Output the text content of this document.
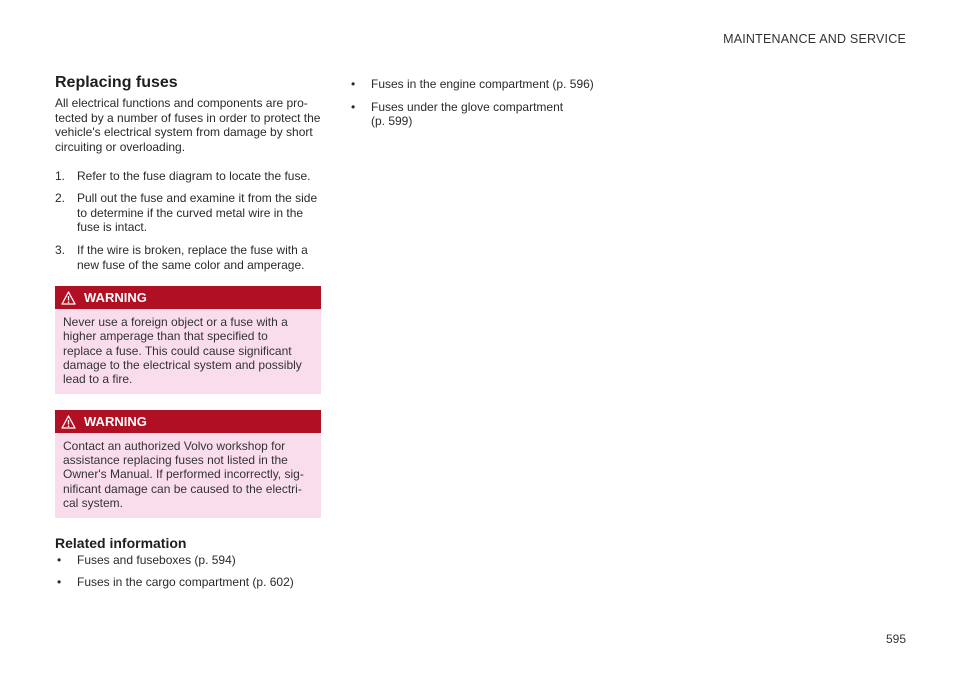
MAINTENANCE AND SERVICE
Replacing fuses

All electrical functions and components are pro-tected by a number of fuses in order to protect the vehicle's electrical system from damage by short circuiting or overloading.

1. Refer to the fuse diagram to locate the fuse.
2. Pull out the fuse and examine it from the side to determine if the curved metal wire in the fuse is intact.
3. If the wire is broken, replace the fuse with a new fuse of the same color and amperage.
WARNING
Never use a foreign object or a fuse with a higher amperage than that specified to replace a fuse. This could cause significant damage to the electrical system and possibly lead to a fire.
WARNING
Contact an authorized Volvo workshop for assistance replacing fuses not listed in the Owner's Manual. If performed incorrectly, sig-nificant damage can be caused to the electri-cal system.
Related information
•	Fuses and fuseboxes (p. 594)
•	Fuses in the cargo compartment (p. 602)
•	Fuses in the engine compartment (p. 596)
•	Fuses under the glove compartment (p. 599)
595
